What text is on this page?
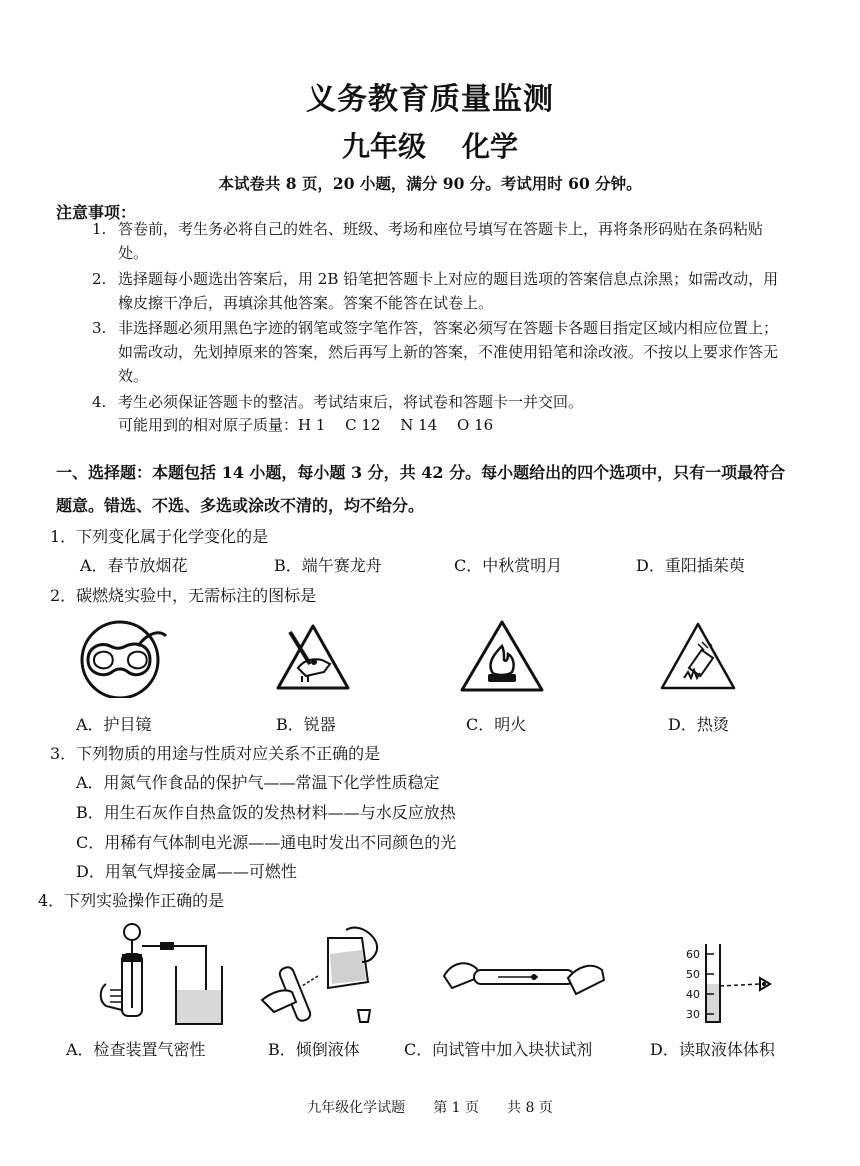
义务教育质量监测
九年级 化学
本试卷共 8 页，20 小题，满分 90 分。考试用时 60 分钟。
注意事项：
1. 答卷前，考生务必将自己的姓名、班级、考场和座位号填写在答题卡上，再将条形码贴在条码粘贴处。
2. 选择题每小题选出答案后，用 2B 铅笔把答题卡上对应的题目选项的答案信息点涂黑；如需改动，用橡皮擦干净后，再填涂其他答案。答案不能答在试卷上。
3. 非选择题必须用黑色字迹的钢笔或签字笔作答，答案必须写在答题卡各题目指定区域内相应位置上；如需改动，先划掉原来的答案，然后再写上新的答案，不准使用铅笔和涂改液。不按以上要求作答无效。
4. 考生必须保证答题卡的整洁。考试结束后，将试卷和答题卡一并交回。
可能用到的相对原子质量：H 1　 C 12　 N 14　 O 16
一、选择题：本题包括 14 小题，每小题 3 分，共 42 分。每小题给出的四个选项中，只有一项最符合题意。错选、不选、多选或涂改不清的，均不给分。
1．下列变化属于化学变化的是
A．春节放烟花	B．端午赛龙舟	C．中秋赏明月	D．重阳插茱萸
2．碳燃烧实验中，无需标注的图标是
A．护目镜	B．锐器	C．明火	D．热烫
3．下列物质的用途与性质对应关系不正确的是
A．用氮气作食品的保护气——常温下化学性质稳定
B．用生石灰作自热盒饭的发热材料——与水反应放热
C．用稀有气体制电光源——通电时发出不同颜色的光
D．用氧气焊接金属——可燃性
4．下列实验操作正确的是
60
50
40
30
A．检查装置气密性	B．倾倒液体	C．向试管中加入块状试剂	D．读取液体体积
九年级化学试题 第 1 页 共 8 页
